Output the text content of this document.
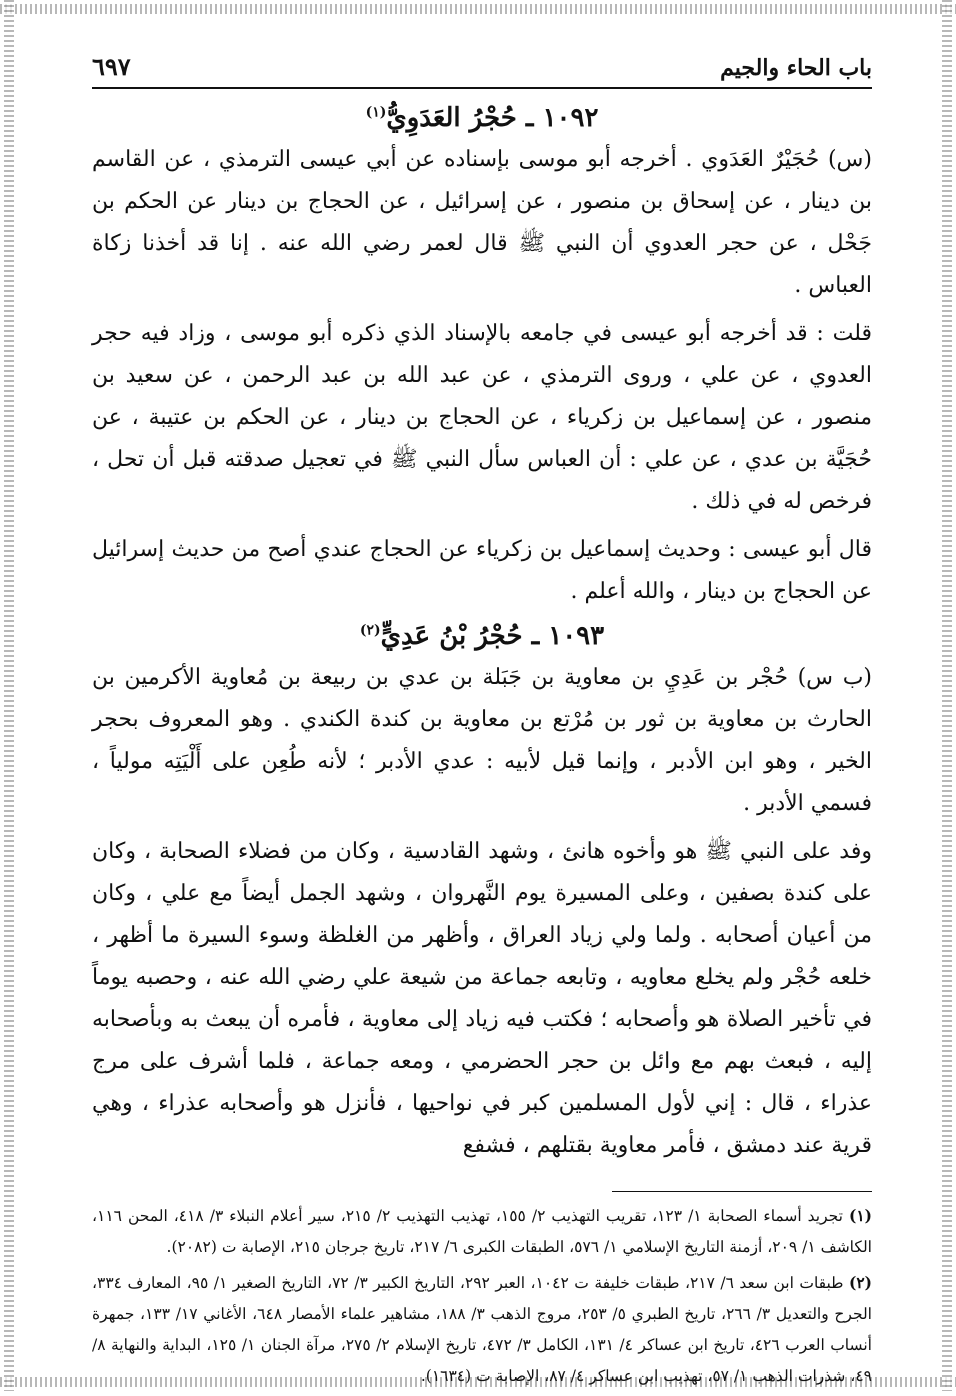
باب الحاء والجيم
٦٩٧
١٠٩٢ ـ حُجْرُ العَدَوِيُّ$^{(١)}$

(س) حُجَيْرٌ العَدَوي . أخرجه أبو موسى بإسناده عن أبي عيسى الترمذي ، عن القاسم بن دينار ، عن إسحاق بن منصور ، عن إسرائيل ، عن الحجاج بن دينار عن الحكم بن جَحْل ، عن حجر العدوي أن النبي ﷺ قال لعمر رضي الله عنه . إنا قد أخذنا زكاة العباس .

قلت : قد أخرجه أبو عيسى في جامعه بالإسناد الذي ذكره أبو موسى ، وزاد فيه حجر العدوي ، عن علي ، وروى الترمذي ، عن عبد الله بن عبد الرحمن ، عن سعيد بن منصور ، عن إسماعيل بن زكرياء ، عن الحجاج بن دينار ، عن الحكم بن عتيبة ، عن حُجَيَّة بن عدي ، عن علي : أن العباس سأل النبي ﷺ في تعجيل صدقته قبل أن تحل ، فرخص له في ذلك .

قال أبو عيسى : وحديث إسماعيل بن زكرياء عن الحجاج عندي أصح من حديث إسرائيل عن الحجاج بن دينار ، والله أعلم .

١٠٩٣ ـ حُجْرُ بْنُ عَدِيٍّ$^{(٢)}$

(ب س) حُجْر بن عَدِيِ بن معاوية بن جَبَلة بن عدي بن ربيعة بن مُعاوية الأكرمين بن الحارث بن معاوية بن ثور بن مُرْتع بن معاوية بن كندة الكندي . وهو المعروف بحجر الخير ، وهو ابن الأدبر ، وإنما قيل لأبيه : عدي الأدبر ؛ لأنه طُعِن على أَلْيَتِه مولياً ، فسمي الأدبر .

وفد على النبي ﷺ هو وأخوه هانئ ، وشهد القادسية ، وكان من فضلاء الصحابة ، وكان على كندة بصفين ، وعلى المسيرة يوم النَّهروان ، وشهد الجمل أيضاً مع علي ، وكان من أعيان أصحابه . ولما ولي زياد العراق ، وأظهر من الغلظة وسوء السيرة ما أظهر ، خلعه حُجْر ولم يخلع معاويه ، وتابعه جماعة من شيعة علي رضي الله عنه ، وحصبه يوماً في تأخير الصلاة هو وأصحابه ؛ فكتب فيه زياد إلى معاوية ، فأمره أن يبعث به وبأصحابه إليه ، فبعث بهم مع وائل بن حجر الحضرمي ، ومعه جماعة ، فلما أشرف على مرج عذراء ، قال : إني لأول المسلمين كبر في نواحيها ، فأنزل هو وأصحابه عذراء ، وهي قرية عند دمشق ، فأمر معاوية بقتلهم ، فشفع

(١) تجريد أسماء الصحابة ١/ ١٢٣، تقريب التهذيب ٢/ ١٥٥، تهذيب التهذيب ٢/ ٢١٥، سير أعلام النبلاء ٣/ ٤١٨، المحن ١١٦، الكاشف ١/ ٢٠٩، أزمنة التاريخ الإسلامي ١/ ٥٧٦، الطبقات الكبرى ٦/ ٢١٧، تاريخ جرجان ٢١٥، الإصابة ت (٢٠٨٢).
(٢) طبقات ابن سعد ٦/ ٢١٧، طبقات خليفة ت ١٠٤٢، العبر ٢٩٢، التاريخ الكبير ٣/ ٧٢، التاريخ الصغير ١/ ٩٥، المعارف ٣٣٤، الجرح والتعديل ٣/ ٢٦٦، تاريخ الطبري ٥/ ٢٥٣، مروج الذهب ٣/ ١٨٨، مشاهير علماء الأمصار ٦٤٨، الأغاني ١٧/ ١٣٣، جمهرة أنساب العرب ٤٢٦، تاريخ ابن عساكر ٤/ ١٣١، الكامل ٣/ ٤٧٢، تاريخ الإسلام ٢/ ٢٧٥، مرآة الجنان ١/ ١٢٥، البداية والنهاية ٨/ ٤٩، شذرات الذهب ١/ ٥٧، تهذيب ابن عساكر ٤/ ٨٧، الإصابة ت (١٦٣٤).
